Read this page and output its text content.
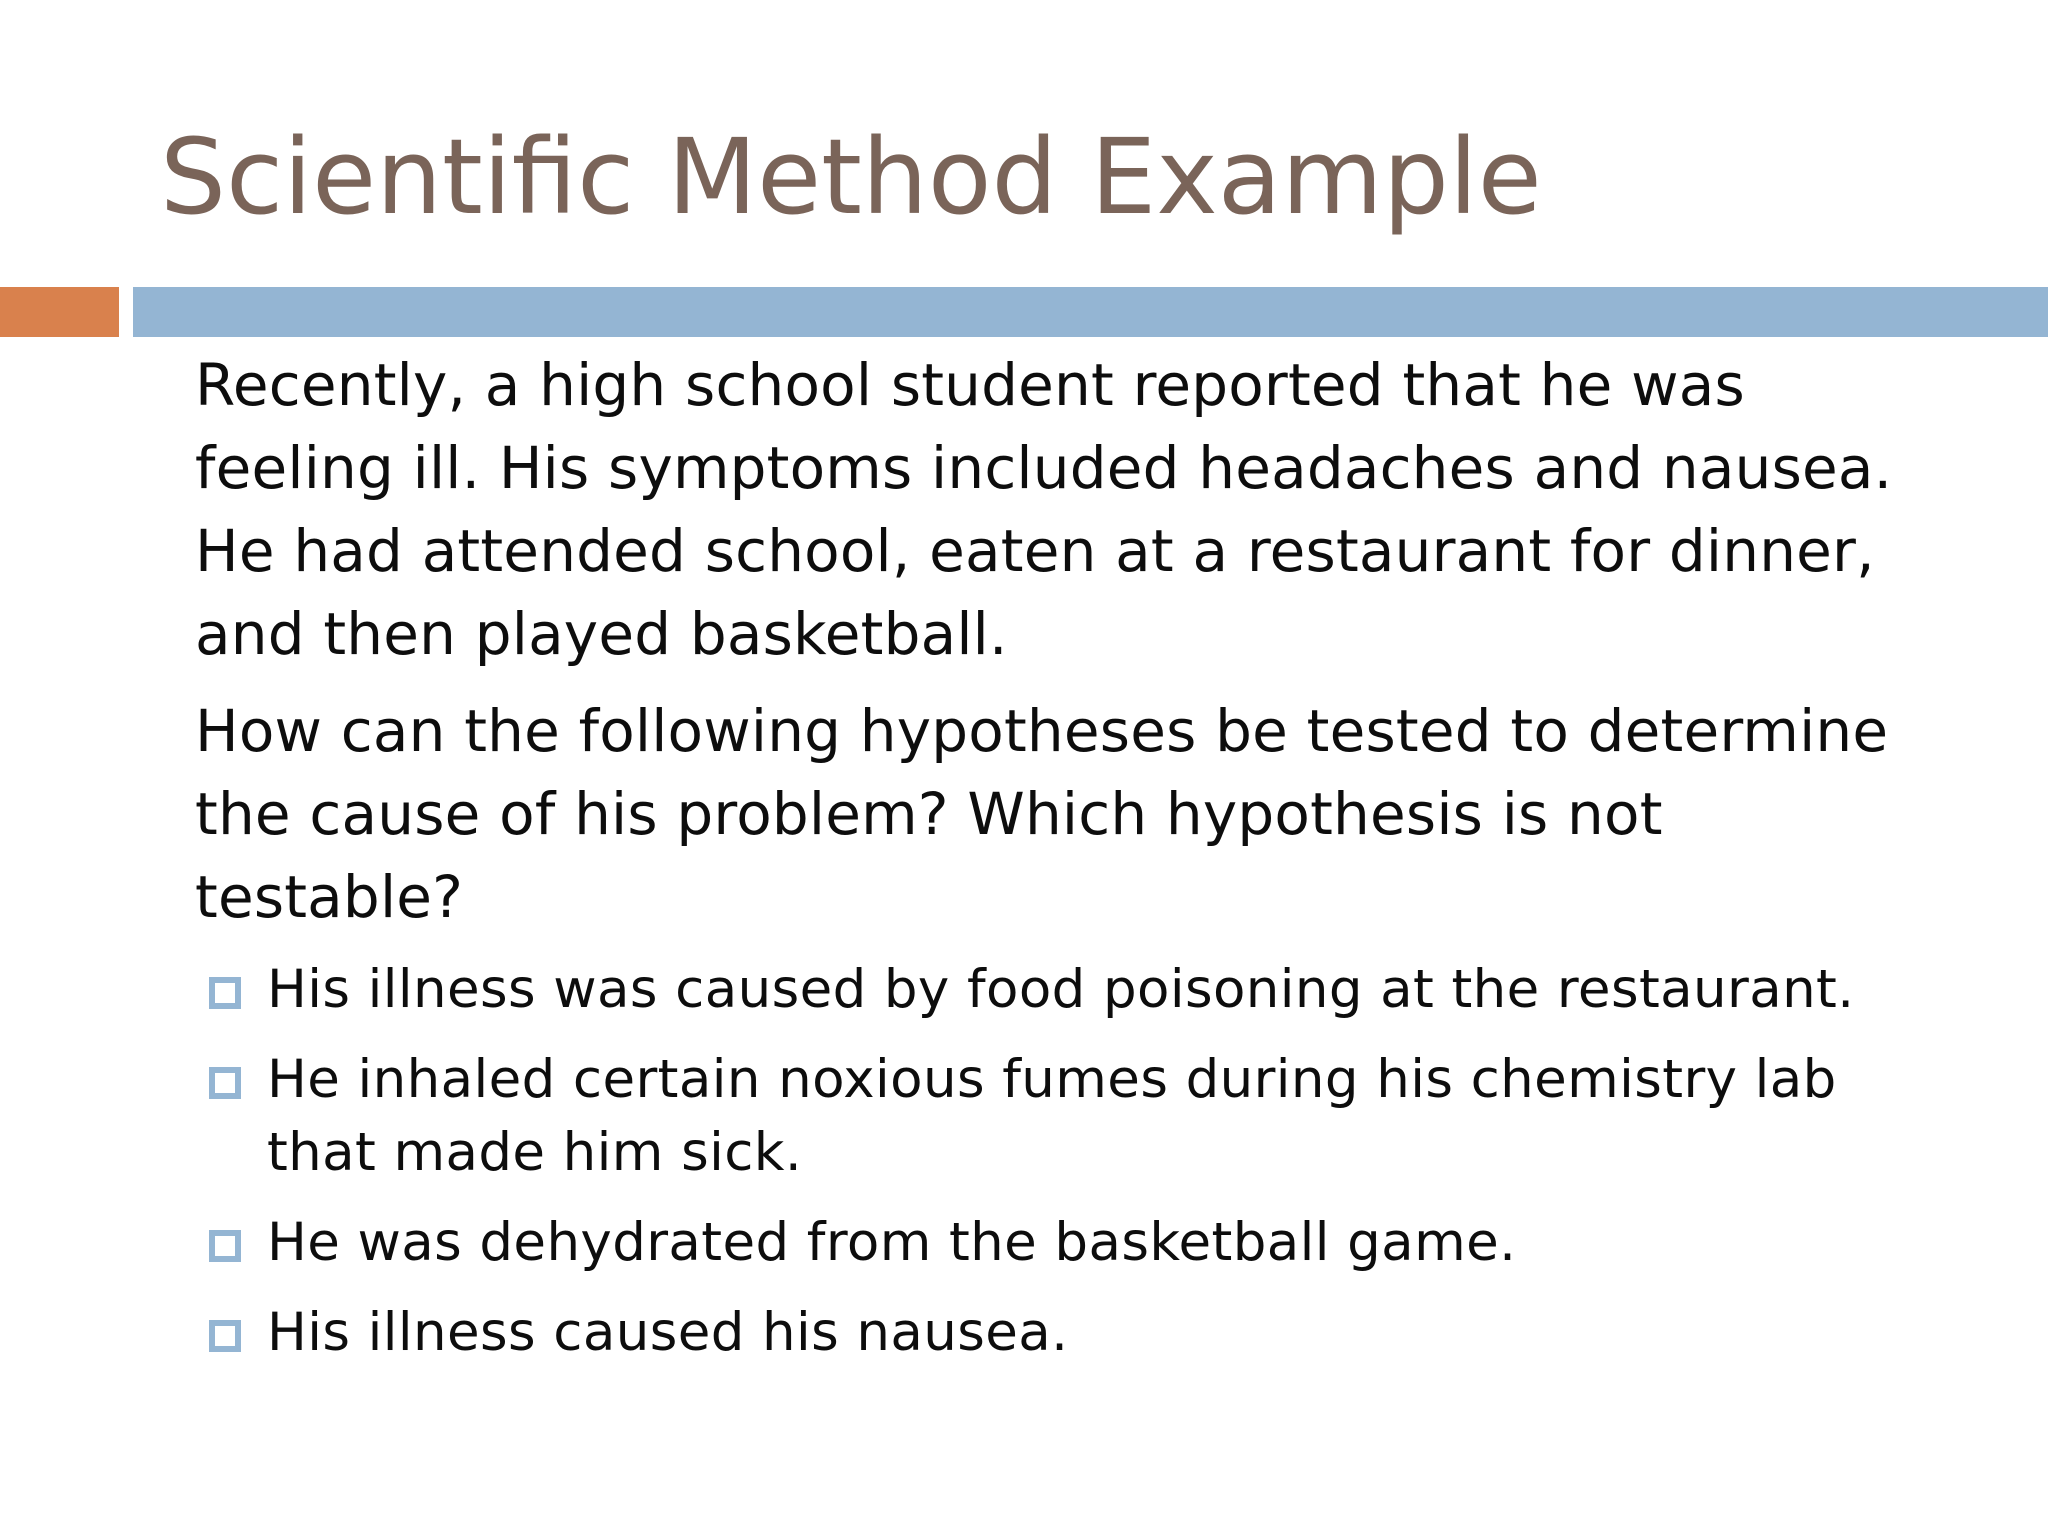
Scientific Method Example

Recently, a high school student reported that he was feeling ill. His symptoms included headaches and nausea. He had attended school, eaten at a restaurant for dinner, and then played basketball.

How can the following hypotheses be tested to determine the cause of his problem? Which hypothesis is not testable?

His illness was caused by food poisoning at the restaurant.
He inhaled certain noxious fumes during his chemistry lab that made him sick.
He was dehydrated from the basketball game.
His illness caused his nausea.
